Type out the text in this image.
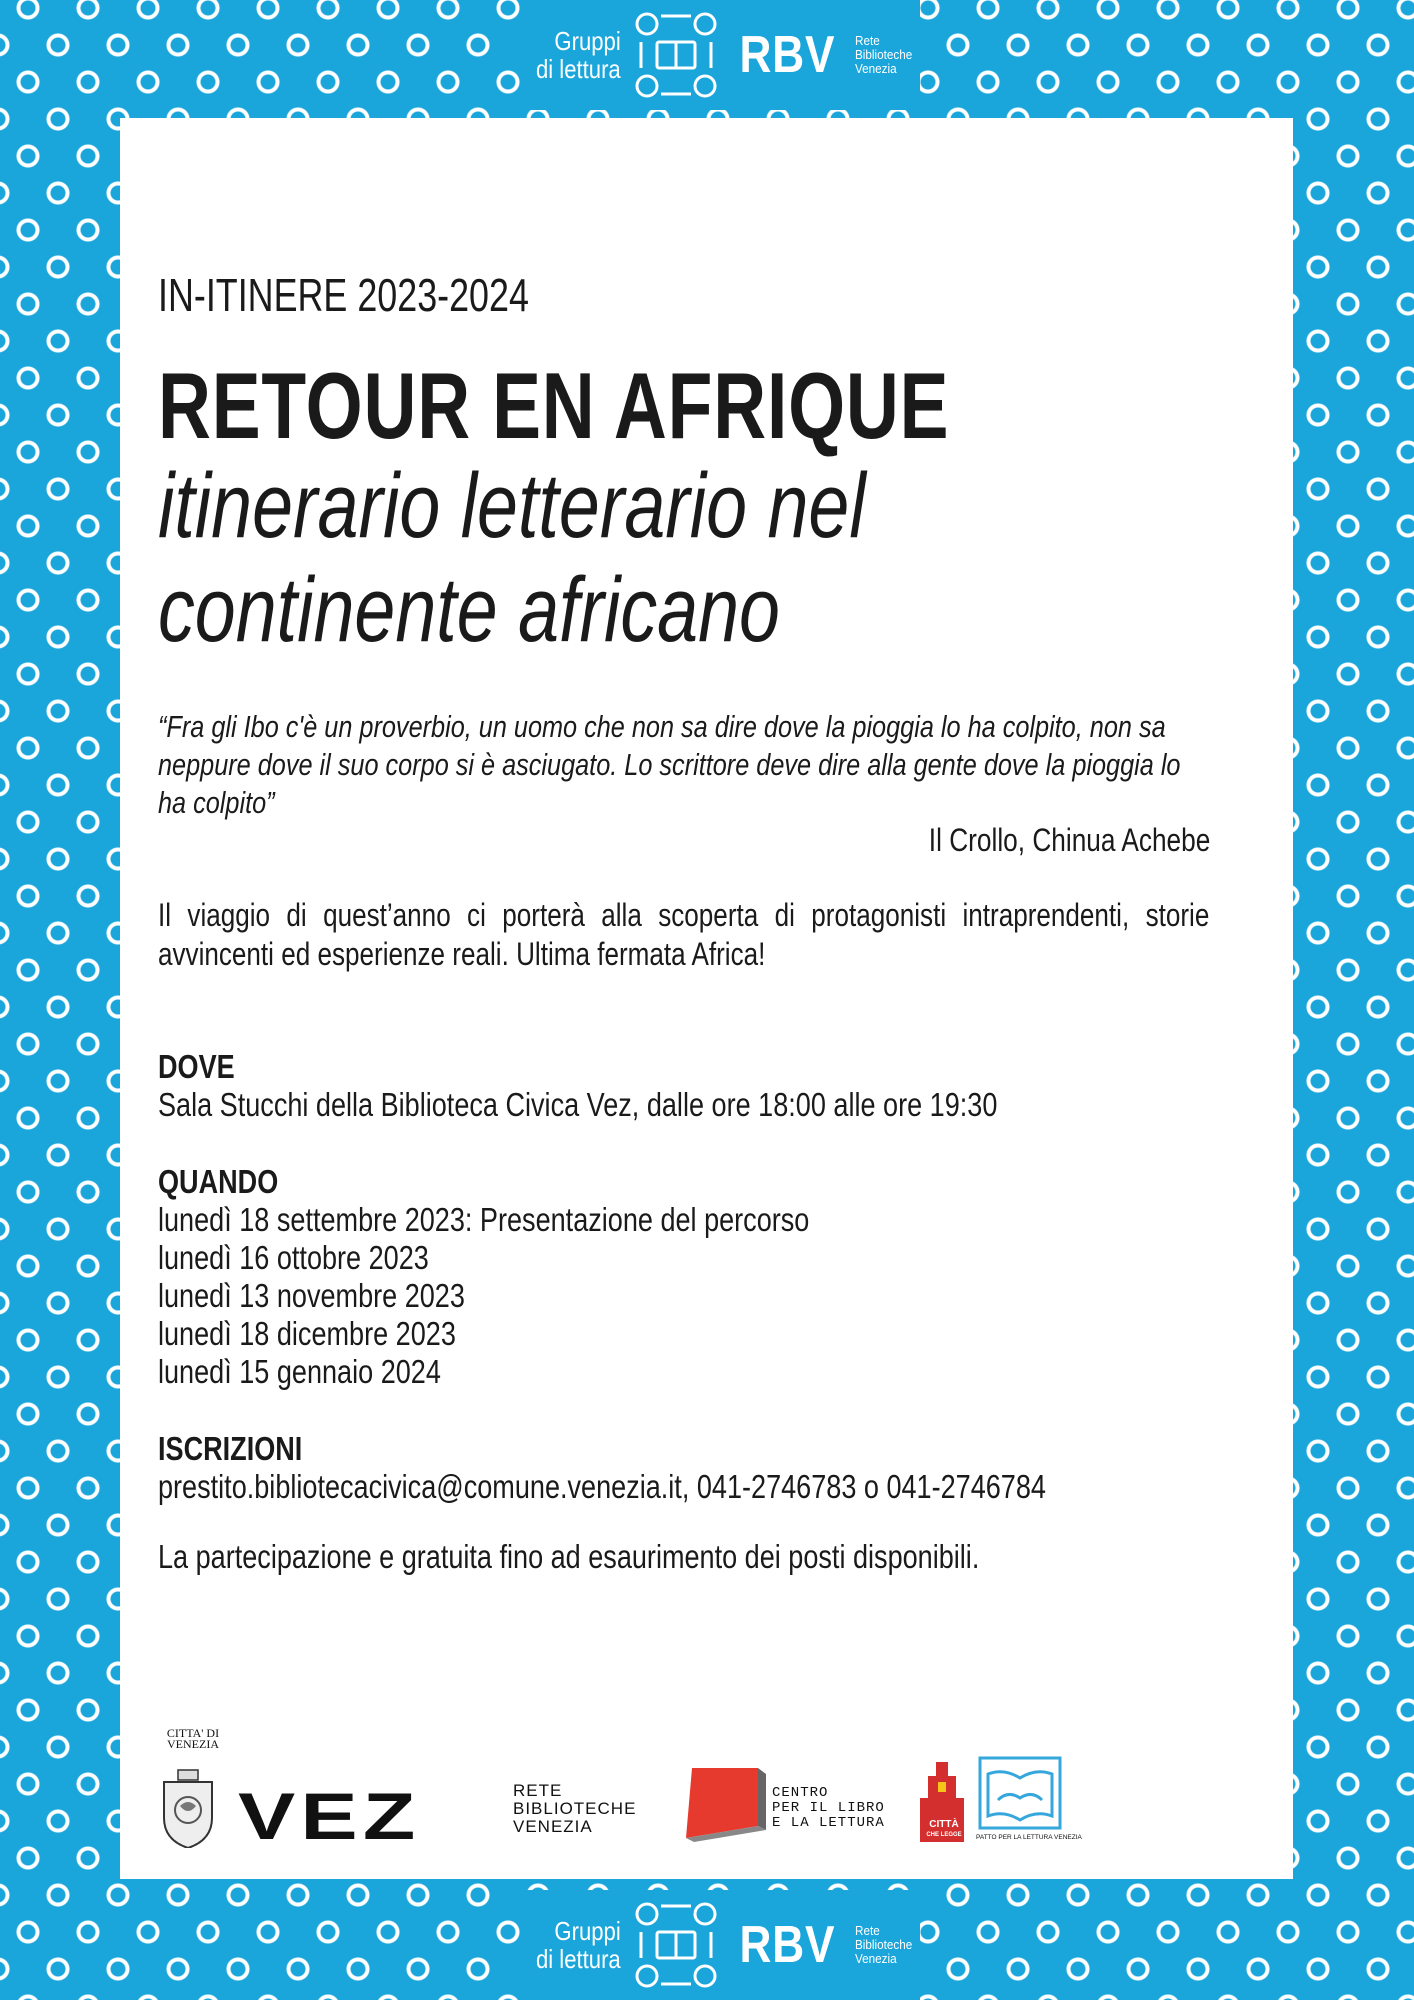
Gruppi
di lettura RBV Rete
Biblioteche
Venezia
IN-ITINERE 2023-2024
RETOUR EN AFRIQUE
itinerario letterario nel
continente africano
“Fra gli Ibo c'è un proverbio, un uomo che non sa dire dove la pioggia lo ha colpito, non sa neppure dove il suo corpo si è asciugato. Lo scrittore deve dire alla gente dove la pioggia lo ha colpito”
Il Crollo, Chinua Achebe
Il viaggio di quest’anno ci porterà alla scoperta di protagonisti intraprendenti, storie avvincenti ed esperienze reali. Ultima fermata Africa!
DOVE
Sala Stucchi della Biblioteca Civica Vez, dalle ore 18:00 alle ore 19:30
QUANDO
lunedì 18 settembre 2023: Presentazione del percorso
lunedì 16 ottobre 2023
lunedì 13 novembre 2023
lunedì 18 dicembre 2023
lunedì 15 gennaio 2024
ISCRIZIONI
prestito.bibliotecacivica@comune.venezia.it, 041-2746783 o 041-2746784
La partecipazione e gratuita fino ad esaurimento dei posti disponibili.
CITTA' DI
VENEZIA
VEZ	RETE
BIBLIOTECHE
VENEZIA
CENTRO
PER IL LIBRO
E LA LETTURA	CITTÀ
CHE LEGGE	PATTO PER LA LETTURA VENEZIA
Gruppi
di lettura RBV Rete
Biblioteche
Venezia
